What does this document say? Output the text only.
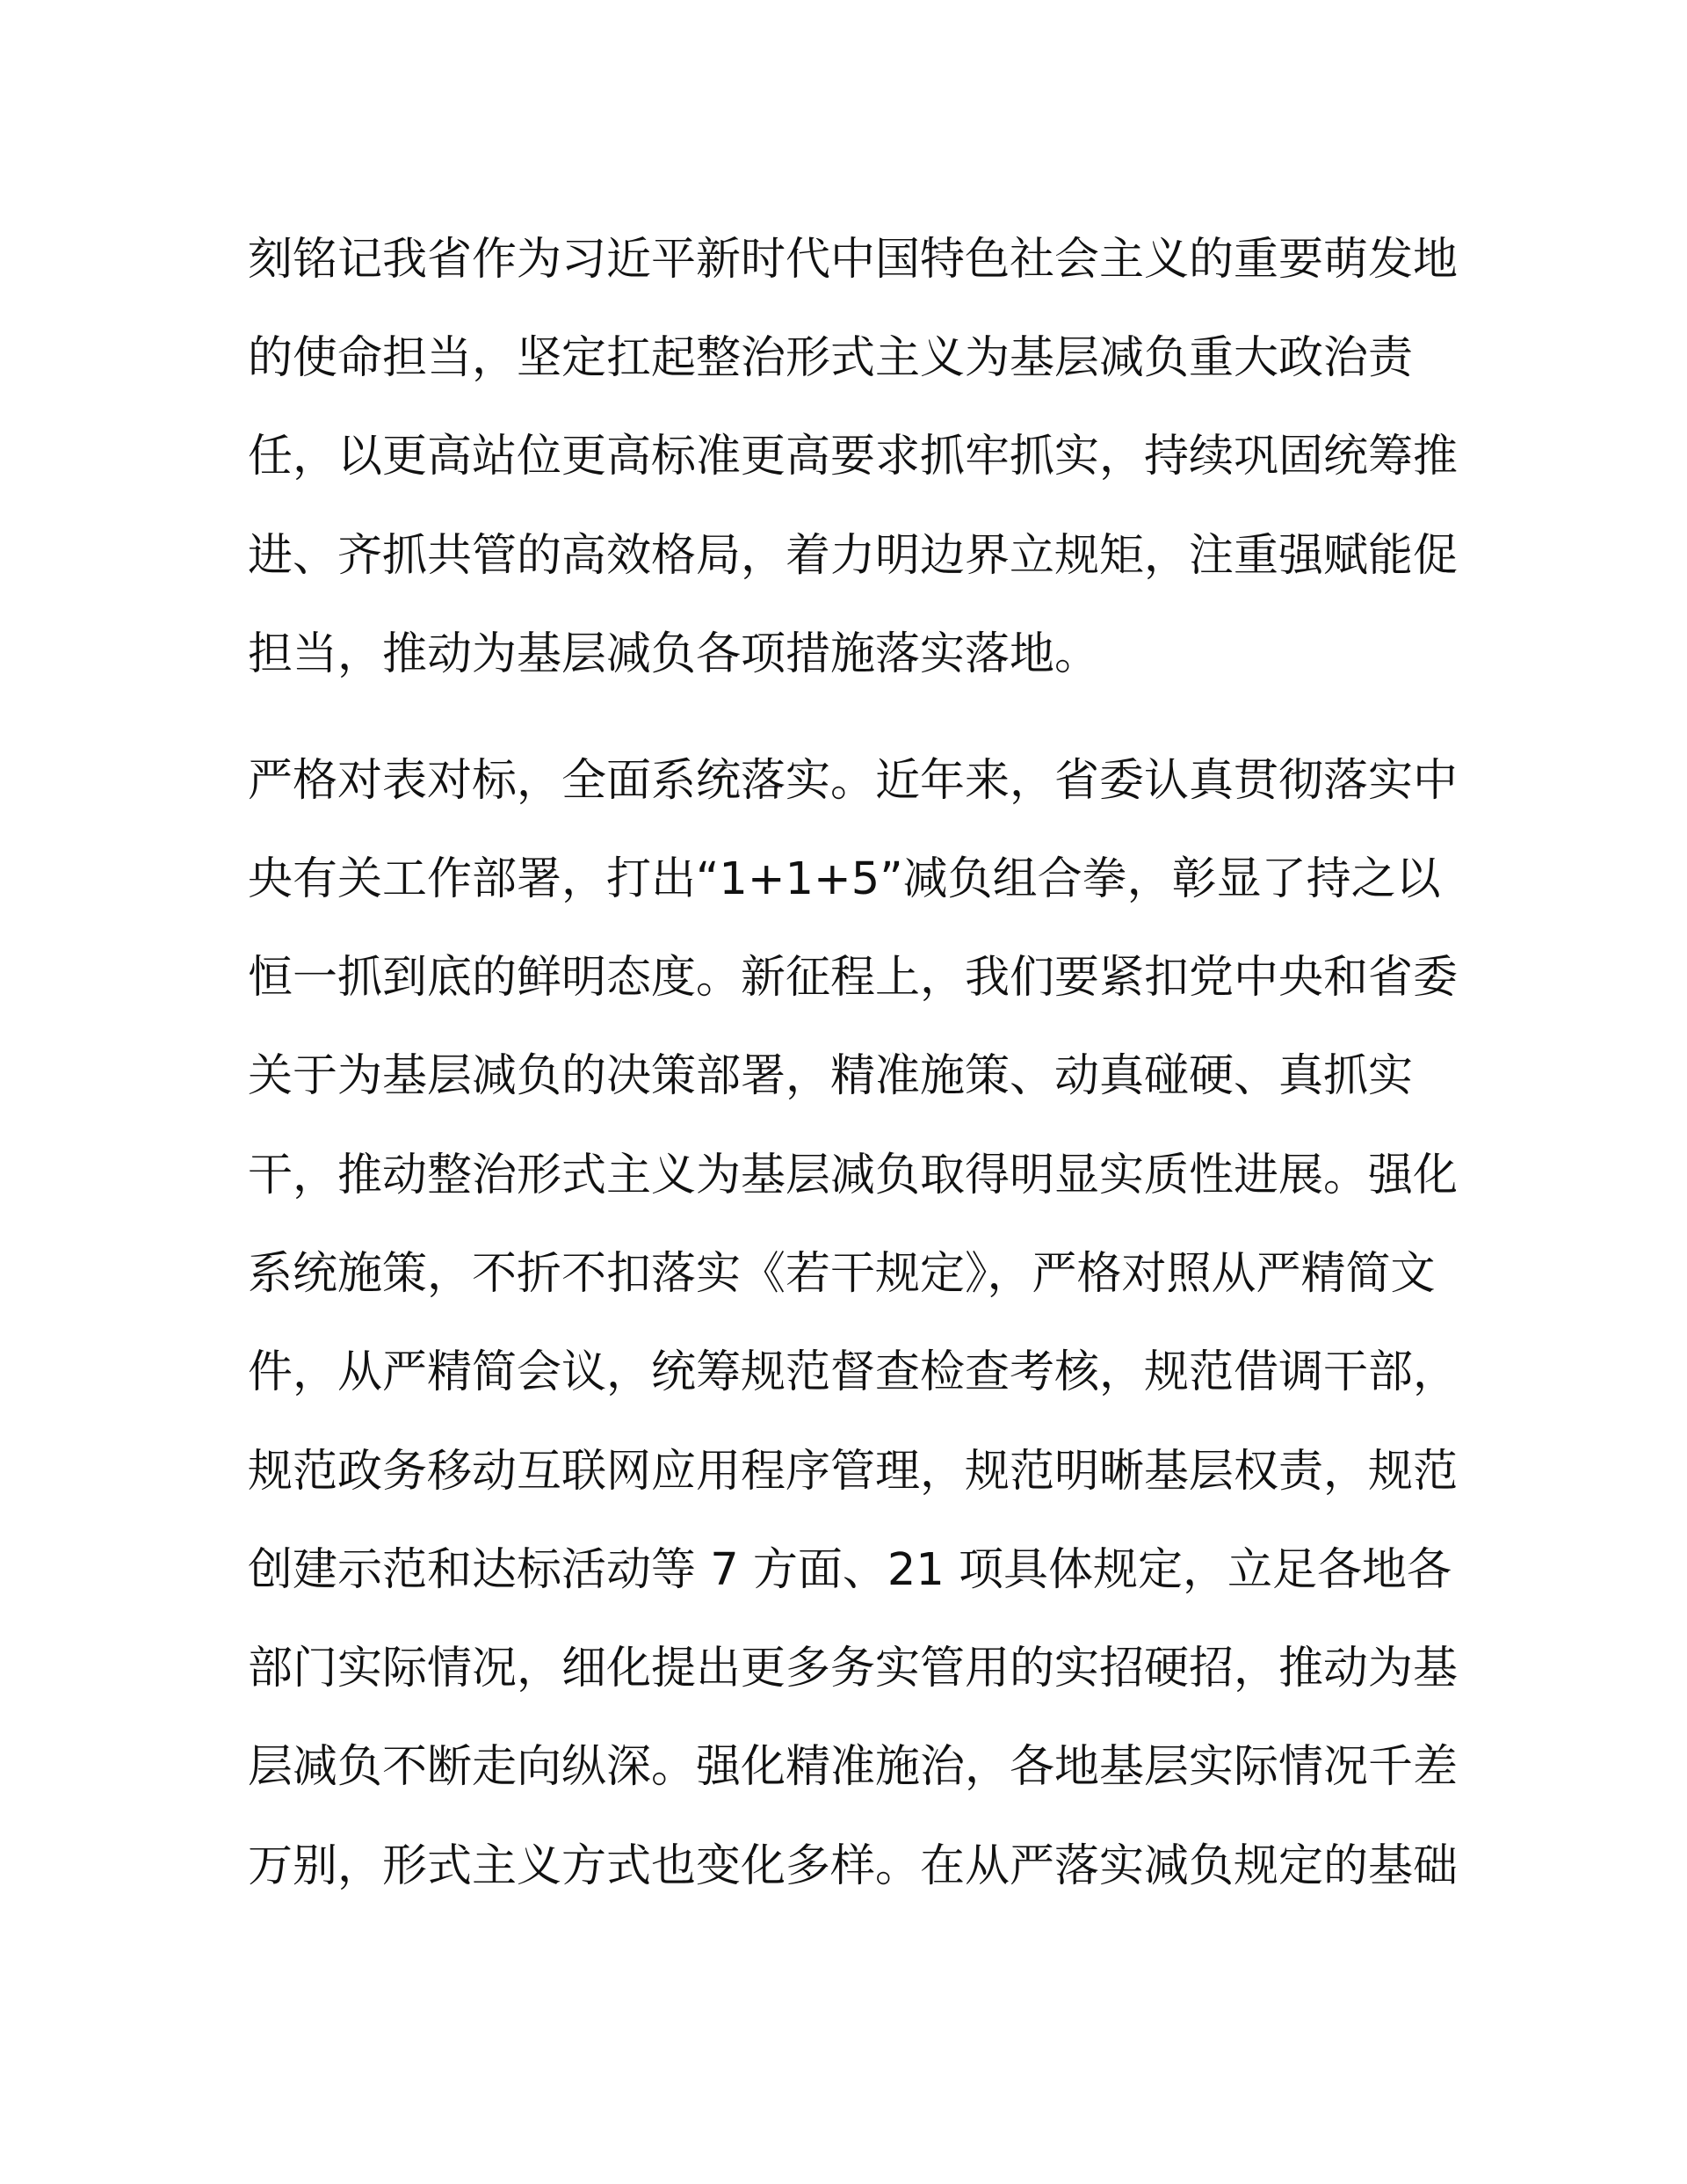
刻铭记我省作为习近平新时代中国特色社会主义的重要萌发地
的使命担当，坚定扛起整治形式主义为基层减负重大政治责
任，以更高站位更高标准更高要求抓牢抓实，持续巩固统筹推
进、齐抓共管的高效格局，着力明边界立规矩，注重强赋能促
担当，推动为基层减负各项措施落实落地。
严格对表对标，全面系统落实。近年来，省委认真贯彻落实中
央有关工作部署，打出“1+1+5”减负组合拳，彰显了持之以
恒一抓到底的鲜明态度。新征程上，我们要紧扣党中央和省委
关于为基层减负的决策部署，精准施策、动真碰硬、真抓实
干，推动整治形式主义为基层减负取得明显实质性进展。强化
系统施策，不折不扣落实《若干规定》，严格对照从严精简文
件，从严精简会议，统筹规范督查检查考核，规范借调干部，
规范政务移动互联网应用程序管理，规范明晰基层权责，规范
创建示范和达标活动等 7 方面、21 项具体规定，立足各地各
部门实际情况，细化提出更多务实管用的实招硬招，推动为基
层减负不断走向纵深。强化精准施治，各地基层实际情况千差
万别，形式主义方式也变化多样。在从严落实减负规定的基础
